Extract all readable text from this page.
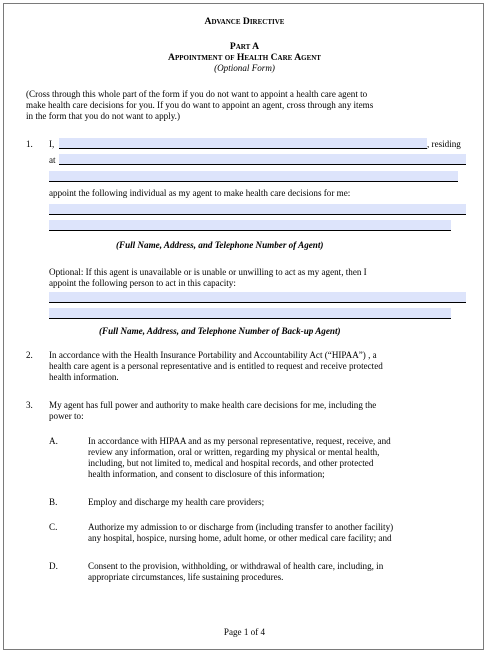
Advance Directive
Part A
Appointment of Health Care Agent
(Optional Form)
(Cross through this whole part of the form if you do not want to appoint a health care agent to
make health care decisions for you. If you do want to appoint an agent, cross through any items
in the form that you do not want to apply.)
1. I,	, residing
at
appoint the following individual as my agent to make health care decisions for me:
(Full Name, Address, and Telephone Number of Agent)
Optional: If this agent is unavailable or is unable or unwilling to act as my agent, then I
appoint the following person to act in this capacity:
(Full Name, Address, and Telephone Number of Back-up Agent)
2. In accordance with the Health Insurance Portability and Accountability Act (“HIPAA”) , a
health care agent is a personal representative and is entitled to request and receive protected
health information.
3. My agent has full power and authority to make health care decisions for me, including the
power to:
A.	In accordance with HIPAA and as my personal representative, request, receive, and
review any information, oral or written, regarding my physical or mental health,
including, but not limited to, medical and hospital records, and other protected
health information, and consent to disclosure of this information;
B.	Employ and discharge my health care providers;
C.	Authorize my admission to or discharge from (including transfer to another facility)
any hospital, hospice, nursing home, adult home, or other medical care facility; and
D.	Consent to the provision, withholding, or withdrawal of health care, including, in
appropriate circumstances, life sustaining procedures.
Page 1 of 4
